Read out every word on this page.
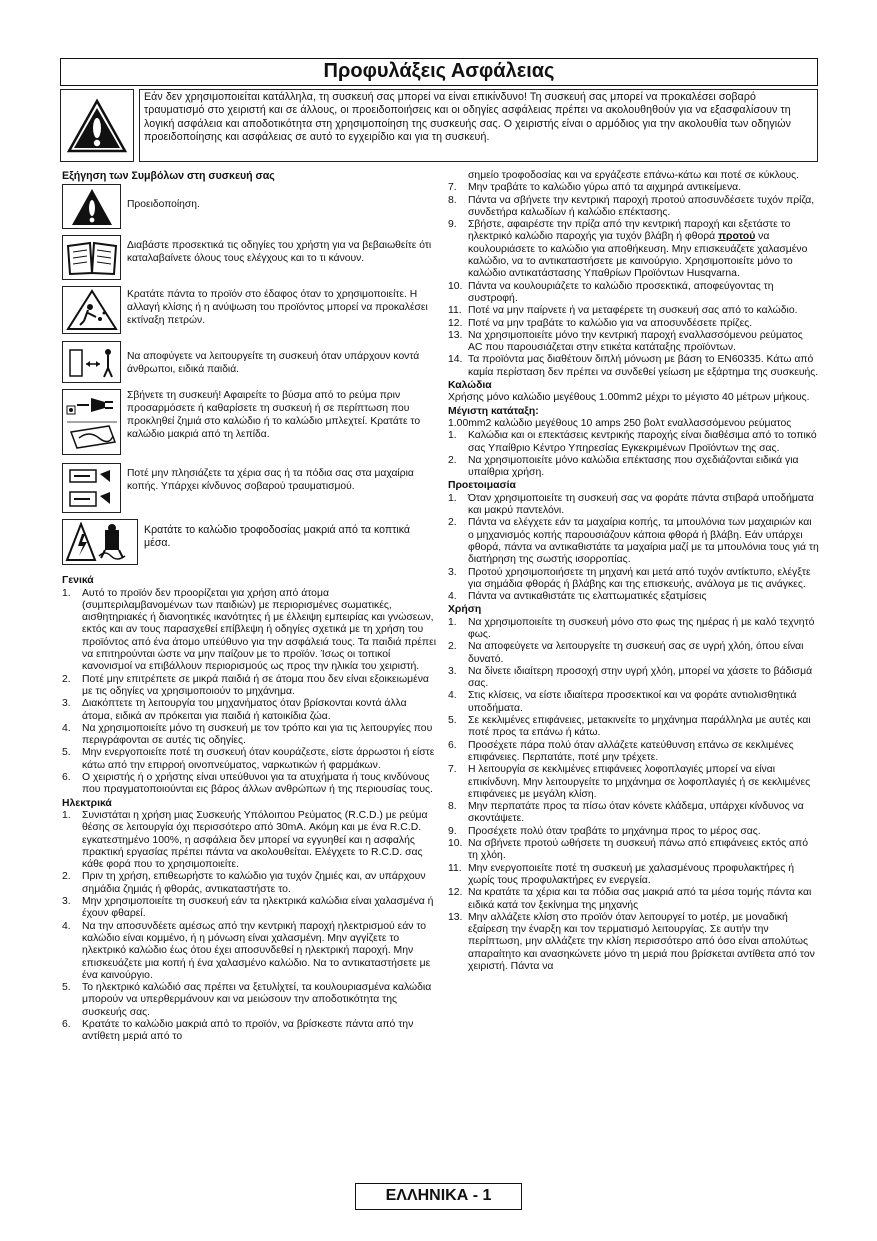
Προφυλάξεις Ασφάλειας
Εάν δεν χρησιμοποιείται κατάλληλα, τη συσκευή σας μπορεί να είναι επικίνδυνο! Τη συσκευή σας μπορεί να προκαλέσει σοβαρό τραυματισμό στο χειριστή και σε άλλους, οι προειδοποιήσεις και οι οδηγίες ασφάλειας πρέπει να ακολουθηθούν για να εξασφαλίσουν τη λογική ασφάλεια και αποδοτικότητα στη χρησιμοποίηση της συσκευής σας. Ο χειριστής είναι ο αρμόδιος για την ακολουθία των οδηγιών προειδοποίησης και ασφάλειας σε αυτό το εγχειρίδιο και για τη συσκευή.
Εξήγηση των Συμβόλων στη συσκευή σας
Προειδοποίηση.
Διαβάστε προσεκτικά τις οδηγίες του χρήστη για να βεβαιωθείτε ότι καταλαβαίνετε όλους τους ελέγχους και το τι κάνουν.
Κρατάτε πάντα το προϊόν στο έδαφος όταν το χρησιμοποιείτε. Η αλλαγή κλίσης ή η ανύψωση του προϊόντος μπορεί να προκαλέσει εκτίναξη πετρών.
Να αποφύγετε να λειτουργείτε τη συσκευή όταν υπάρχουν κοντά άνθρωποι, ειδικά παιδιά.
Σβήνετε τη συσκευή! Αφαιρείτε το βύσμα από το ρεύμα πριν προσαρμόσετε ή καθαρίσετε τη συσκευή ή σε περίπτωση που προκληθεί ζημιά στο καλώδιο ή το καλώδιο μπλεχτεί. Κρατάτε το καλώδιο μακριά από τη λεπίδα.
Ποτέ μην πλησιάζετε τα χέρια σας ή τα πόδια σας στα μαχαίρια κοπής. Υπάρχει κίνδυνος σοβαρού τραυματισμού.
Κρατάτε το καλώδιο τροφοδοσίας μακριά από τα κοπτικά μέσα.
Γενικά
1. Αυτό το προϊόν δεν προορίζεται για χρήση από άτομα (συμπεριλαμβανομένων των παιδιών) με περιορισμένες σωματικές, αισθητηριακές ή διανοητικές ικανότητες ή με έλλειψη εμπειρίας και γνώσεων, εκτός και αν τους παρασχεθεί επίβλεψη ή οδηγίες σχετικά με τη χρήση του προϊόντος από ένα άτομο υπεύθυνο για την ασφάλειά τους. Τα παιδιά πρέπει να επιτηρούνται ώστε να μην παίζουν με το προϊόν. Ίσως οι τοπικοί κανονισμοί να επιβάλλουν περιορισμούς ως προς την ηλικία του χειριστή.
2. Ποτέ μην επιτρέπετε σε μικρά παιδιά ή σε άτομα που δεν είναι εξοικειωμένα με τις οδηγίες να χρησιμοποιούν το μηχάνημα.
3. Διακόπτετε τη λειτουργία του μηχανήματος όταν βρίσκονται κοντά άλλα άτομα, ειδικά αν πρόκειται για παιδιά ή κατοικίδια ζώα.
4. Να χρησιμοποιείτε μόνο τη συσκευή με τον τρόπο και για τις λειτουργίες που περιγράφονται σε αυτές τις οδηγίες.
5. Μην ενεργοποιείτε ποτέ τη συσκευή όταν κουράζεστε, είστε άρρωστοι ή είστε κάτω από την επιρροή οινοπνεύματος, ναρκωτικών ή φαρμάκων.
6. Ο χειριστής ή ο χρήστης είναι υπεύθυνοι για τα ατυχήματα ή τους κινδύνους που πραγματοποιούνται εις βάρος άλλων ανθρώπων ή της περιουσίας τους.
Ηλεκτρικά
1. Συνιστάται η χρήση μιας Συσκευής Υπόλοιπου Ρεύματος (R.C.D.) με ρεύμα θέσης σε λειτουργία όχι περισσότερο από 30mA. Ακόμη και με ένα R.C.D. εγκατεστημένο 100%, η ασφάλεια δεν μπορεί να εγγυηθεί και η ασφαλής πρακτική εργασίας πρέπει πάντα να ακολουθείται. Ελέγχετε το R.C.D. σας κάθε φορά που το χρησιμοποιείτε.
2. Πριν τη χρήση, επιθεωρήστε το καλώδιο για τυχόν ζημιές και, αν υπάρχουν σημάδια ζημιάς ή φθοράς, αντικαταστήστε το.
3. Μην χρησιμοποιείτε τη συσκευή εάν τα ηλεκτρικά καλώδια είναι χαλασμένα ή έχουν φθαρεί.
4. Να την αποσυνδέετε αμέσως από την κεντρική παροχή ηλεκτρισμού εάν το καλώδιο είναι κομμένο, ή η μόνωση είναι χαλασμένη. Μην αγγίζετε το ηλεκτρικό καλώδιο έως ότου έχει αποσυνδεθεί η ηλεκτρική παροχή. Μην επισκευάζετε μια κοπή ή ένα χαλασμένο καλώδιο. Να το αντικαταστήσετε με ένα καινούργιο.
5. Το ηλεκτρικό καλώδιό σας πρέπει να ξετυλίχτεί, τα κουλουριασμένα καλώδια μπορούν να υπερθερμάνουν και να μειώσουν την αποδοτικότητα της συσκευής σας.
6. Κρατάτε το καλώδιο μακριά από το προϊόν, να βρίσκεστε πάντα από την αντίθετη μεριά από το
σημείο τροφοδοσίας και να εργάζεστε επάνω-κάτω και ποτέ σε κύκλους.
7. Μην τραβάτε το καλώδιο γύρω από τα αιχμηρά αντικείμενα.
8. Πάντα να σβήνετε την κεντρική παροχή προτού αποσυνδέσετε τυχόν πρίζα, συνδετήρα καλωδίων ή καλώδιο επέκτασης.
9. Σβήστε, αφαιρέστε την πρίζα από την κεντρική παροχή και εξετάστε το ηλεκτρικό καλώδιο παροχής για τυχόν βλάβη ή φθορά προτού να κουλουριάσετε το καλώδιο για αποθήκευση. Μην επισκευάζετε χαλασμένο καλώδιο, να το αντικαταστήσετε με καινούργιο. Χρησιμοποιείτε μόνο το καλώδιο αντικατάστασης Υπαθρίων Προϊόντων Husqvarna.
10. Πάντα να κουλουριάζετε το καλώδιο προσεκτικά, αποφεύγοντας τη συστροφή.
11. Ποτέ να μην παίρνετε ή να μεταφέρετε τη συσκευή σας από το καλώδιο.
12. Ποτέ να μην τραβάτε το καλώδιο για να αποσυνδέσετε πρίζες.
13. Να χρησιμοποιείτε μόνο την κεντρική παροχή εναλλασσόμενου ρεύματος AC που παρουσιάζεται στην ετικέτα κατάταξης προϊόντων.
14. Τα προϊόντα μας διαθέτουν διπλή μόνωση με βάση το EN60335. Κάτω από καμία περίσταση δεν πρέπει να συνδεθεί γείωση με εξάρτημα της συσκευής.
Καλώδια
Χρήσης μόνο καλώδιο μεγέθους 1.00mm2 μέχρι το μέγιστο 40 μέτρων μήκους.
Μέγιστη κατάταξη:
1.00mm2 καλώδιο μεγέθους 10 amps 250 βολτ εναλλασσόμενου ρεύματος
1. Καλώδια και οι επεκτάσεις κεντρικής παροχής είναι διαθέσιμα από το τοπικό σας Υπαίθριο Κέντρο Υπηρεσίας Εγκεκριμένων Προϊόντων της σας.
2. Να χρησιμοποιείτε μόνο καλώδια επέκτασης που σχεδιάζονται ειδικά για υπαίθρια χρήση.
Προετοιμασία
1. Όταν χρησιμοποιείτε τη συσκευή σας να φοράτε πάντα στιβαρά υποδήματα και μακρύ παντελόνι.
2. Πάντα να ελέγχετε εάν τα μαχαίρια κοπής, τα μπουλόνια των μαχαιριών και ο μηχανισμός κοπής παρουσιάζουν κάποια φθορά ή βλάβη. Εάν υπάρχει φθορά, πάντα να αντικαθιστάτε τα μαχαίρια μαζί με τα μπουλόνια τους γιά τη διατήρηση της σωστής ισορροπίας.
3. Προτού χρησιμοποιήσετε τη μηχανή και μετά από τυχόν αντίκτυπο, ελέγξτε για σημάδια φθοράς ή βλάβης και της επισκευής, ανάλογα με τις ανάγκες.
4. Πάντα να αντικαθιστάτε τις ελαττωματικές εξατμίσεις
Χρήση
1. Να χρησιμοποιείτε τη συσκευή μόνο στο φως της ημέρας ή με καλό τεχνητό φως.
2. Να αποφεύγετε να λειτουργείτε τη συσκευή σας σε υγρή χλόη, όπου είναι δυνατό.
3. Να δίνετε ιδιαίτερη προσοχή στην υγρή χλόη, μπορεί να χάσετε το βάδισμά σας.
4. Στις κλίσεις, να είστε ιδιαίτερα προσεκτικοί και να φοράτε αντιολισθητικά υποδήματα.
5. Σε κεκλιμένες επιφάνειες, μετακινείτε το μηχάνημα παράλληλα με αυτές και ποτέ προς τα επάνω ή κάτω.
6. Προσέχετε πάρα πολύ όταν αλλάζετε κατεύθυνση επάνω σε κεκλιμένες επιφάνειες. Περπατάτε, ποτέ μην τρέχετε.
7. Η λειτουργία σε κεκλιμένες επιφάνειες λοφοπλαγιές μπορεί να είναι επικίνδυνη. Μην λειτουργείτε το μηχάνημα σε λοφοπλαγιές ή σε κεκλιμένες επιφάνειες με μεγάλη κλίση.
8. Μην περπατάτε προς τα πίσω όταν κόνετε κλάδεμα, υπάρχει κίνδυνος να σκοντάψετε.
9. Προσέχετε πολύ όταν τραβάτε το μηχάνημα προς το μέρος σας.
10. Να σβήνετε προτού ωθήσετε τη συσκευή πάνω από επιφάνειες εκτός από τη χλόη.
11. Μην ενεργοποιείτε ποτέ τη συσκευή με χαλασμένους προφυλακτήρες ή χωρίς τους προφυλακτήρες εν ενεργεία.
12. Να κρατάτε τα χέρια και τα πόδια σας μακριά από τα μέσα τομής πάντα και ειδικά κατά τον ξεκίνημα της μηχανής
13. Μην αλλάζετε κλίση στο προϊόν όταν λειτουργεί το μοτέρ, με μοναδική εξαίρεση την έναρξη και τον τερματισμό λειτουργίας. Σε αυτήν την περίπτωση, μην αλλάζετε την κλίση περισσότερο από όσο είναι απολύτως απαραίτητο και ανασηκώνετε μόνο τη μεριά που βρίσκεται αντίθετα από τον χειριστή. Πάντα να
ΕΛΛΗΝΙΚΑ - 1
